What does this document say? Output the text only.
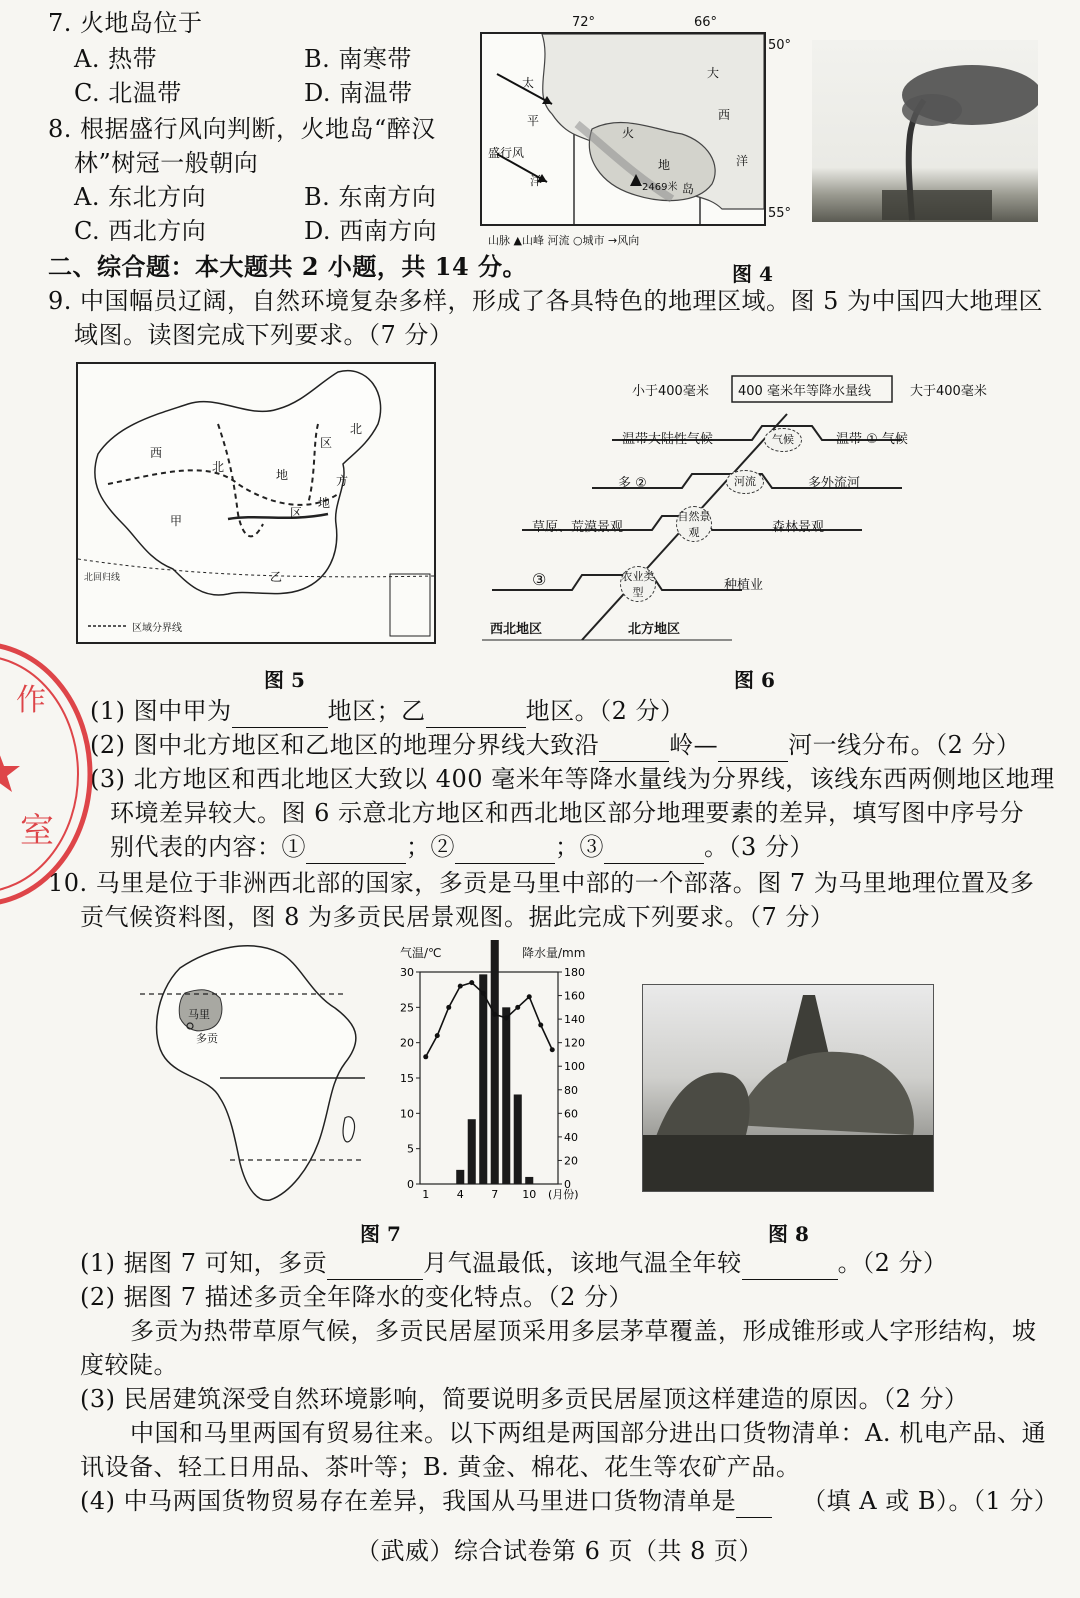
7. 火地岛位于
A. 热带	B. 南寒带
C. 北温带	D. 南温带
8. 根据盛行风向判断，火地岛“醉汉
林”树冠一般朝向
A. 东北方向	B. 东南方向
C. 西北方向	D. 西南方向
二、综合题：本大题共 2 小题，共 14 分。
太
平
洋
大
西
洋
盛行风
火
地
岛
2469米
72°	66°
50°
55°
山脉 ▲山峰 河流 ○城市 →风向
图 4
9. 中国幅员辽阔，自然环境复杂多样，形成了各具特色的地理区域。图 5 为中国四大地理区
域图。读图完成下列要求。（7 分）
西
北
地
区
北
方
地
区
甲
乙
北回归线
区域分界线
图 5
小于400毫米 400 毫米年等降水量线	大于400毫米
温带大陆性气候	气候	温带 ① 气候
多 ②	河流	多外流河
草原、荒漠景观
自然景观	森林景观
③	农业类型	种植业
西北地区	北方地区
图 6
(1) 图中甲为	地区；乙	地区。（2 分）
(2) 图中北方地区和乙地区的地理分界线大致沿	岭—	河一线分布。（2 分）
(3) 北方地区和西北地区大致以 400 毫米年等降水量线为分界线，该线东西两侧地区地理
环境差异较大。图 6 示意北方地区和西北地区部分地理要素的差异，填写图中序号分
别代表的内容：①	；②	；③	。（3 分）
10. 马里是位于非洲西北部的国家，多贡是马里中部的一个部落。图 7 为马里地理位置及多
贡气候资料图，图 8 为多贡民居景观图。据此完成下列要求。（7 分）
马里
多贡
气温/℃	降水量/mm
0
5
10
15
20
25
30
0
20
40
60
80
100
120
140
160
180
1	4	7 10 (月份)
图 7	图 8
(1) 据图 7 可知，多贡	月气温最低，该地气温全年较	。（2 分）
(2) 据图 7 描述多贡全年降水的变化特点。（2 分）
多贡为热带草原气候，多贡民居屋顶采用多层茅草覆盖，形成锥形或人字形结构，坡
度较陡。
(3) 民居建筑深受自然环境影响，简要说明多贡民居屋顶这样建造的原因。（2 分）
中国和马里两国有贸易往来。以下两组是两国部分进出口货物清单：A. 机电产品、通
讯设备、轻工日用品、茶叶等；B. 黄金、棉花、花生等农矿产品。
(4) 中马两国货物贸易存在差异，我国从马里进口货物清单是	（填 A 或 B）。（1 分）
（武威）综合试卷第 6 页（共 8 页）
作
室
